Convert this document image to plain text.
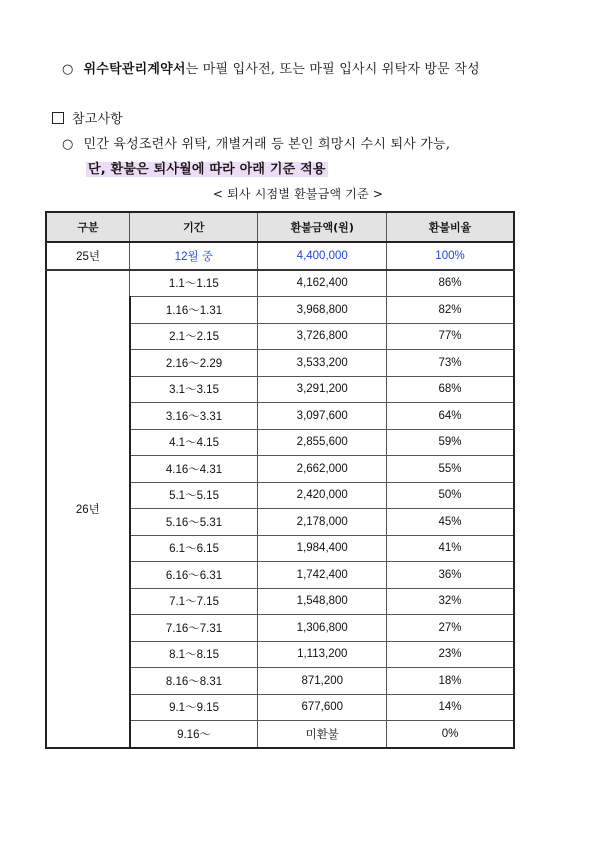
○ 위수탁관리계약서는 마필 입사전, 또는 마필 입사시 위탁자 방문 작성
참고사항
○ 민간 육성조련사 위탁, 개별거래 등 본인 희망시 수시 퇴사 가능,
단, 환불은 퇴사월에 따라 아래 기준 적용
< 퇴사 시점별 환불금액 기준 >
구분	기간	환불금액(원)	환불비율
25년	12월 중	4,400,000	100%
26년	1.1～1.15	4,162,400	86%
	1.16～1.31	3,968,800	82%
	2.1～2.15	3,726,800	77%
	2.16～2.29	3,533,200	73%
	3.1～3.15	3,291,200	68%
	3.16～3.31	3,097,600	64%
	4.1～4.15	2,855,600	59%
	4.16～4.31	2,662,000	55%
	5.1～5.15	2,420,000	50%
	5.16～5.31	2,178,000	45%
	6.1～6.15	1,984,400	41%
	6.16～6.31	1,742,400	36%
	7.1～7.15	1,548,800	32%
	7.16～7.31	1,306,800	27%
	8.1～8.15	1,113,200	23%
	8.16～8.31	871,200	18%
	9.1～9.15	677,600	14%
	9.16～	미환불	0%
